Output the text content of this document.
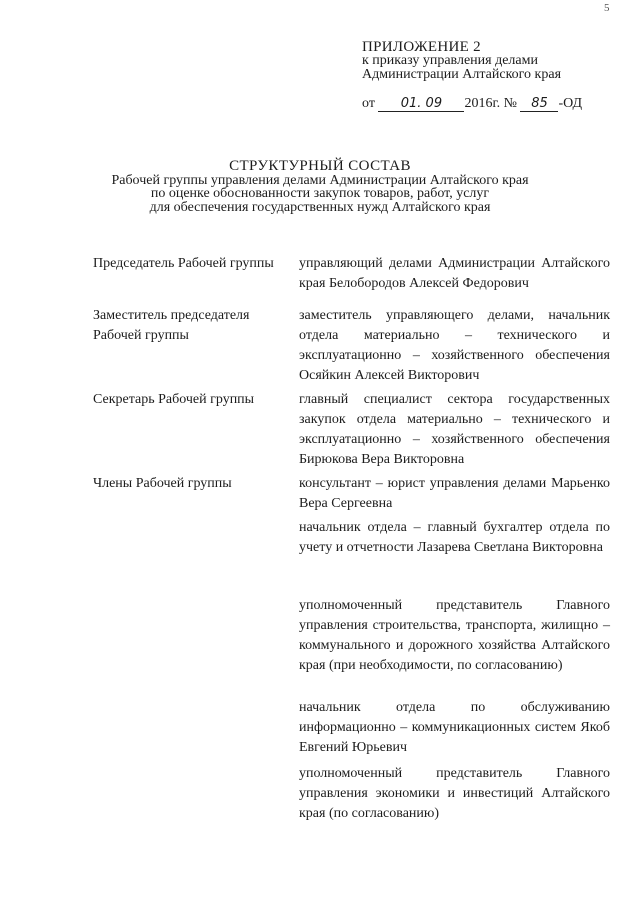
5
ПРИЛОЖЕНИЕ 2
к приказу управления делами
Администрации Алтайского края
от 01. 09 2016г. № 85 -ОД
СТРУКТУРНЫЙ СОСТАВ
Рабочей группы управления делами Администрации Алтайского края
по оценке обоснованности закупок товаров, работ, услуг
для обеспечения государственных нужд Алтайского края
Председатель Рабочей группы управляющий делами Администрации Алтайского края Белобородов Алексей Федорович
Заместитель председателя Рабочей группы
заместитель управляющего делами, начальник отдела материально – технического и эксплуатационно – хозяйственного обеспечения Осяйкин Алексей Викторович
Секретарь Рабочей группы	главный специалист сектора государственных закупок отдела материально – технического и эксплуатационно – хозяйственного обеспечения Бирюкова Вера Викторовна
Члены Рабочей группы	консультант – юрист управления делами Марьенко Вера Сергеевна
начальник отдела – главный бухгалтер отдела по учету и отчетности Лазарева Светлана Викторовна
уполномоченный представитель Главного управления строительства, транспорта, жилищно – коммунального и дорожного хозяйства Алтайского края (при необходимости, по согласованию)
начальник отдела по обслуживанию информационно – коммуникационных систем Якоб Евгений Юрьевич
уполномоченный представитель Главного управления экономики и инвестиций Алтайского края (по согласованию)
